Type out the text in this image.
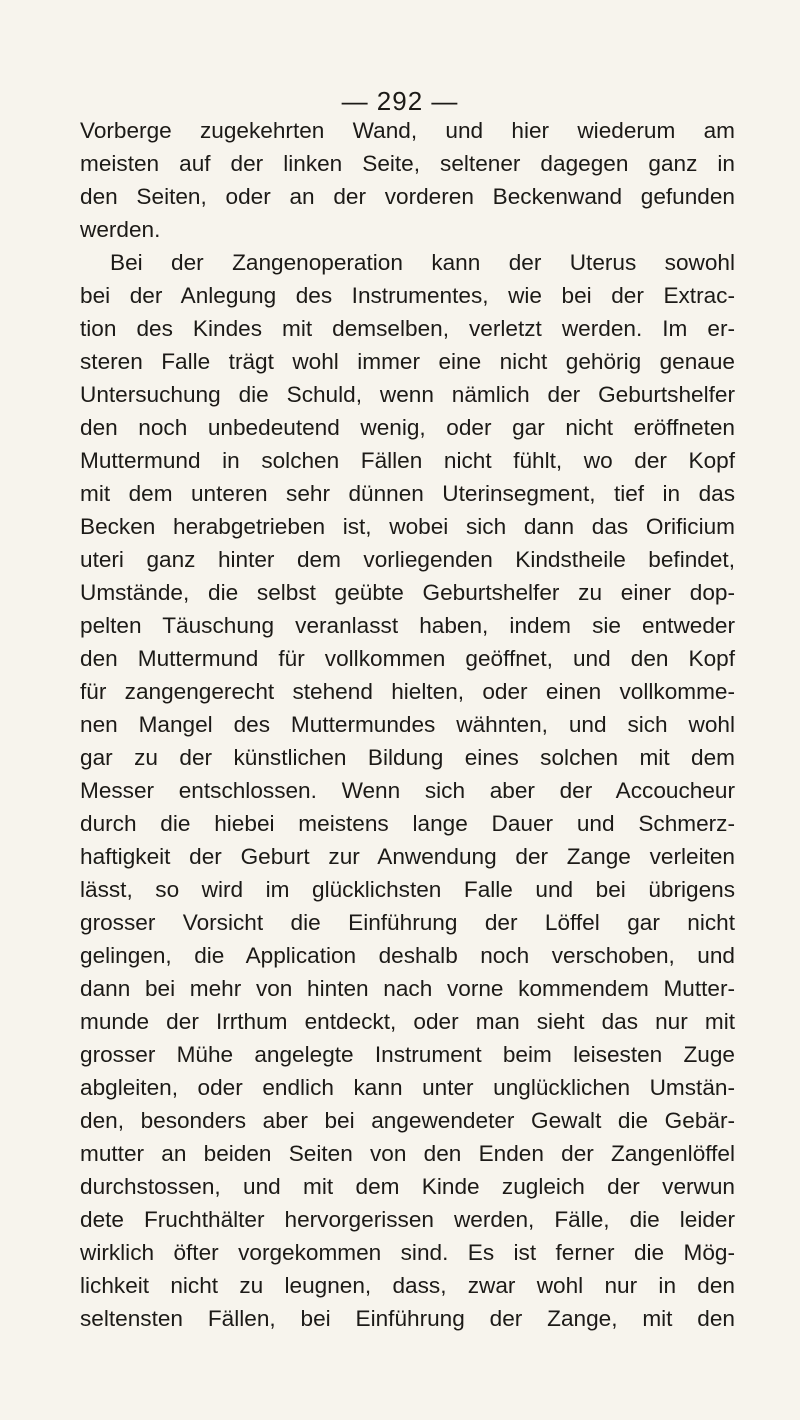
— 292 —
Vorberge zugekehrten Wand, und hier wiederum am
meisten auf der linken Seite, seltener dagegen ganz in
den Seiten, oder an der vorderen Beckenwand gefunden
werden.
Bei der Zangenoperation kann der Uterus sowohl
bei der Anlegung des Instrumentes, wie bei der Extrac-
tion des Kindes mit demselben, verletzt werden. Im er-
steren Falle trägt wohl immer eine nicht gehörig genaue
Untersuchung die Schuld, wenn nämlich der Geburtshelfer
den noch unbedeutend wenig, oder gar nicht eröffneten
Muttermund in solchen Fällen nicht fühlt, wo der Kopf
mit dem unteren sehr dünnen Uterinsegment, tief in das
Becken herabgetrieben ist, wobei sich dann das Orificium
uteri ganz hinter dem vorliegenden Kindstheile befindet,
Umstände, die selbst geübte Geburtshelfer zu einer dop-
pelten Täuschung veranlasst haben, indem sie entweder
den Muttermund für vollkommen geöffnet, und den Kopf
für zangengerecht stehend hielten, oder einen vollkomme-
nen Mangel des Muttermundes wähnten, und sich wohl
gar zu der künstlichen Bildung eines solchen mit dem
Messer entschlossen. Wenn sich aber der Accoucheur
durch die hiebei meistens lange Dauer und Schmerz-
haftigkeit der Geburt zur Anwendung der Zange verleiten
lässt, so wird im glücklichsten Falle und bei übrigens
grosser Vorsicht die Einführung der Löffel gar nicht
gelingen, die Application deshalb noch verschoben, und
dann bei mehr von hinten nach vorne kommendem Mutter-
munde der Irrthum entdeckt, oder man sieht das nur mit
grosser Mühe angelegte Instrument beim leisesten Zuge
abgleiten, oder endlich kann unter unglücklichen Umstän-
den, besonders aber bei angewendeter Gewalt die Gebär-
mutter an beiden Seiten von den Enden der Zangenlöffel
durchstossen, und mit dem Kinde zugleich der verwun
dete Fruchthälter hervorgerissen werden, Fälle, die leider
wirklich öfter vorgekommen sind. Es ist ferner die Mög-
lichkeit nicht zu leugnen, dass, zwar wohl nur in den
seltensten Fällen, bei Einführung der Zange, mit den
